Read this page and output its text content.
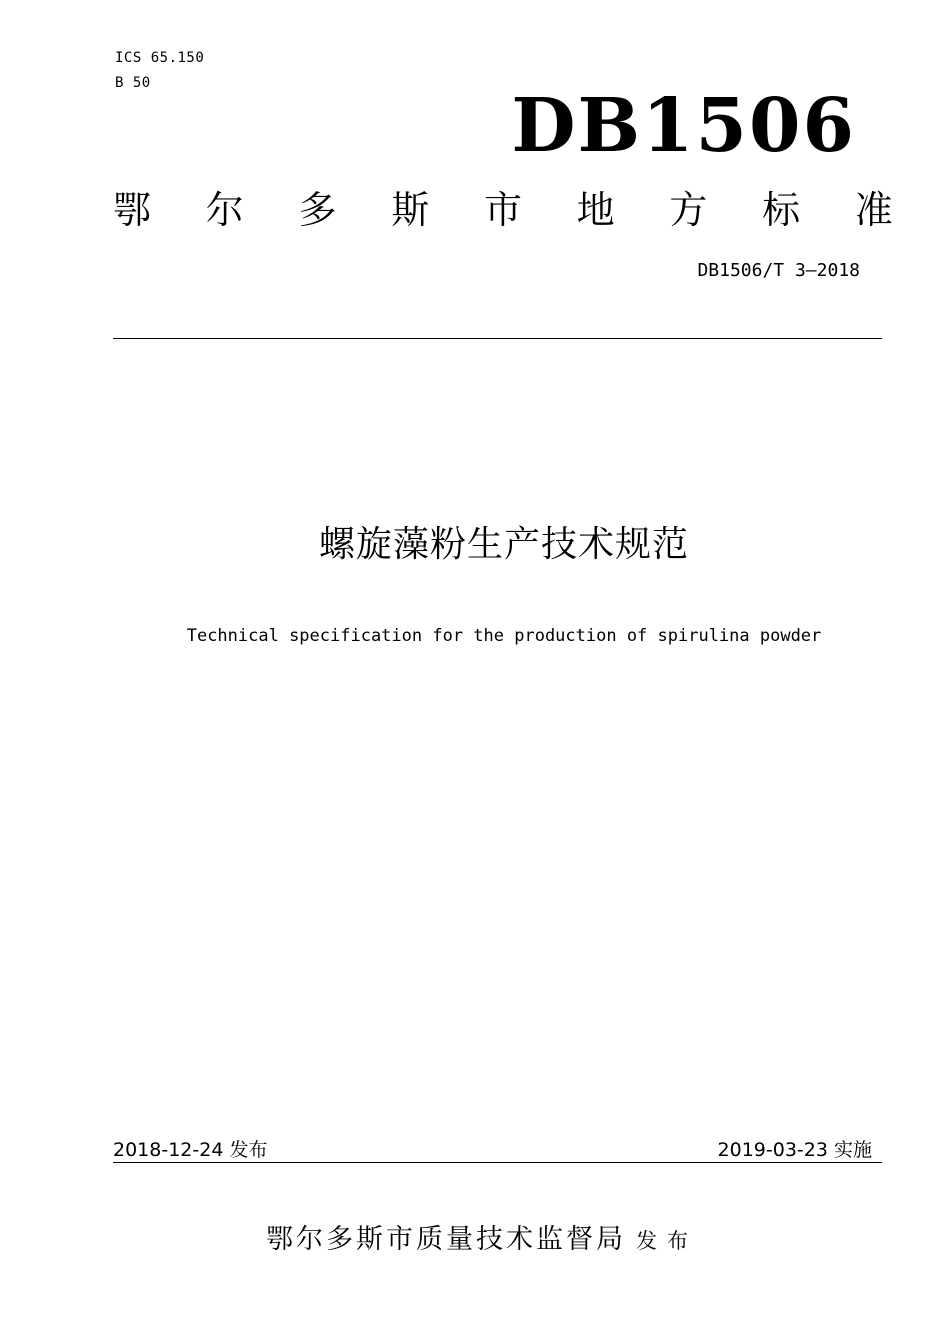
ICS 65.150
B 50	DB1506
鄂 尔 多 斯 市 地 方 标 准
DB1506/T 3—2018
螺旋藻粉生产技术规范
Technical specification for the production of spirulina powder
2018-12-24 发布	2019-03-23 实施
鄂尔多斯市质量技术监督局 发布
